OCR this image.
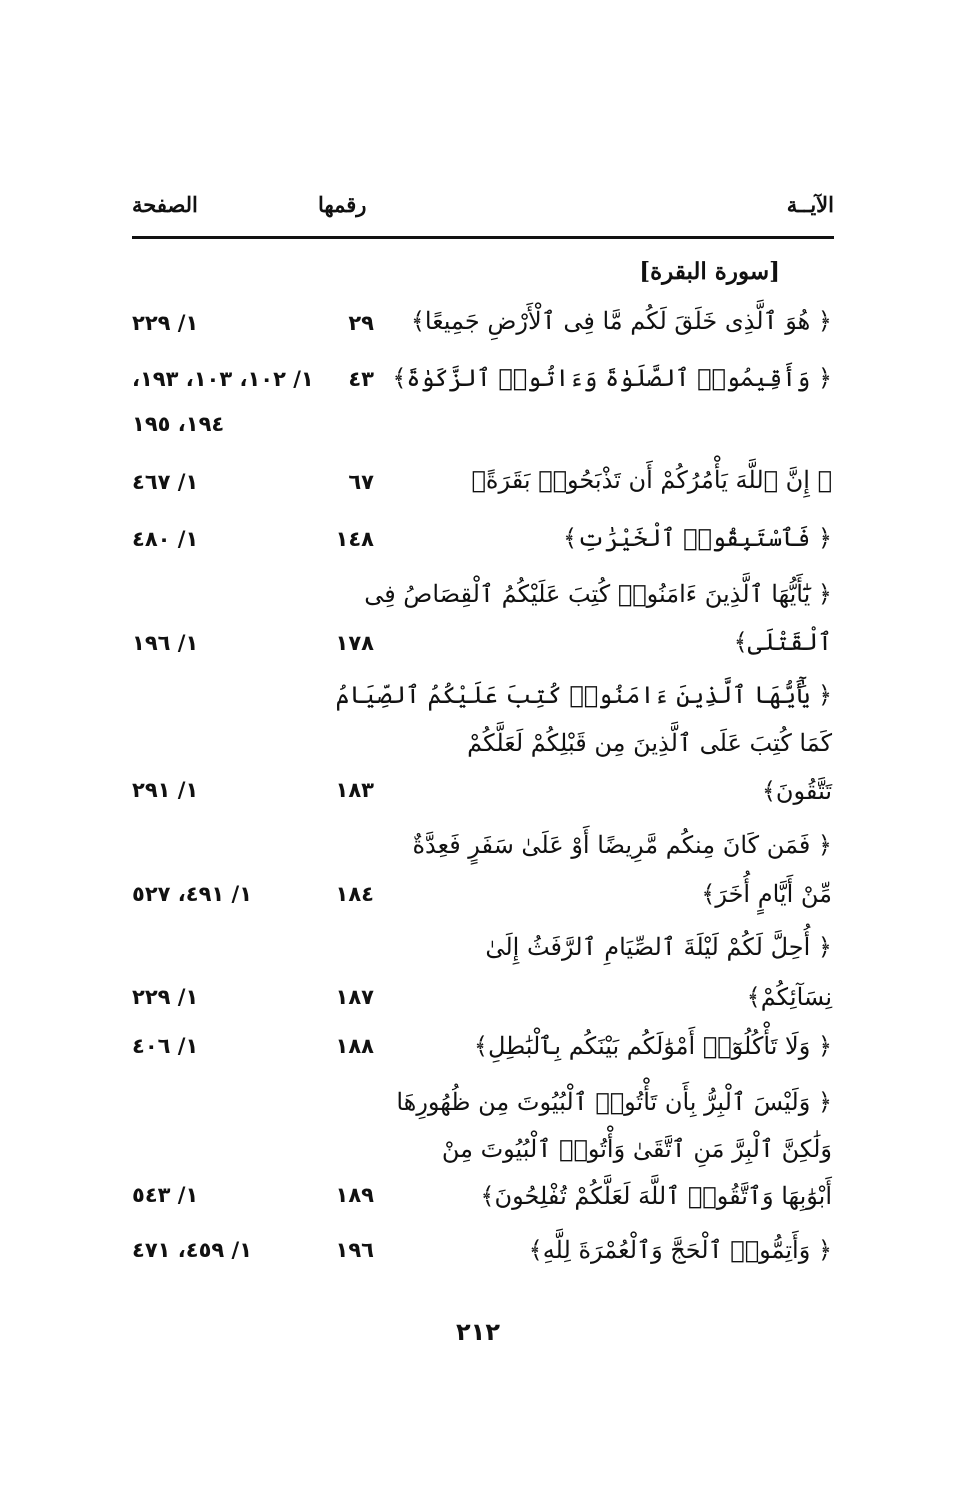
الآيــة
رقمها
الصفحة
[سورة البقرة]
﴿ هُوَ ٱلَّذِى خَلَقَ لَكُم مَّا فِى ٱلْأَرْضِ جَمِيعًا﴾
٢٩
١/ ٢٢٩
﴿ وَأَقِيمُوا۟ ٱلصَّلَوٰةَ وَءَاتُوا۟ ٱلزَّكَوٰةَ﴾
٤٣
١/ ١٠٢، ١٠٣، ١٩٣،
١٩٤، ١٩٥
﴿ إِنَّ ٱللَّهَ يَأْمُرُكُمْ أَن تَذْبَحُوا۟ بَقَرَةً﴾
٦٧
١/ ٤٦٧
﴿ فَٱسْتَبِقُوا۟ ٱلْخَيْرَٰتِ﴾
١٤٨
١/ ٤٨٠
﴿ يَٰٓأَيُّهَا ٱلَّذِينَ ءَامَنُوا۟ كُتِبَ عَلَيْكُمُ ٱلْقِصَاصُ فِى
ٱلْقَتْلَى﴾
١٧٨
١/ ١٩٦
﴿ يَٰٓأَيُّهَا ٱلَّذِينَ ءَامَنُوا۟ كُتِبَ عَلَيْكُمُ ٱلصِّيَامُ
كَمَا كُتِبَ عَلَى ٱلَّذِينَ مِن قَبْلِكُمْ لَعَلَّكُمْ
تَتَّقُونَ﴾
١٨٣
١/ ٢٩١
﴿ فَمَن كَانَ مِنكُم مَّرِيضًا أَوْ عَلَىٰ سَفَرٍ فَعِدَّةٌ
مِّنْ أَيَّامٍ أُخَرَ﴾
١٨٤
١/ ٤٩١، ٥٢٧
﴿ أُحِلَّ لَكُمْ لَيْلَةَ ٱلصِّيَامِ ٱلرَّفَثُ إِلَىٰ
نِسَآئِكُمْ﴾
١٨٧
١/ ٢٢٩
﴿ وَلَا تَأْكُلُوٓا۟ أَمْوَٰلَكُم بَيْنَكُم بِٱلْبَٰطِلِ﴾
١٨٨
١/ ٤٠٦
﴿ وَلَيْسَ ٱلْبِرُّ بِأَن تَأْتُوا۟ ٱلْبُيُوتَ مِن ظُهُورِهَا
وَلَٰكِنَّ ٱلْبِرَّ مَنِ ٱتَّقَىٰ وَأْتُوا۟ ٱلْبُيُوتَ مِنْ
أَبْوَٰبِهَا وَٱتَّقُوا۟ ٱللَّهَ لَعَلَّكُمْ تُفْلِحُونَ﴾
١٨٩
١/ ٥٤٣
﴿ وَأَتِمُّوا۟ ٱلْحَجَّ وَٱلْعُمْرَةَ لِلَّهِ﴾
١٩٦
١/ ٤٥٩، ٤٧١
٢١٢
